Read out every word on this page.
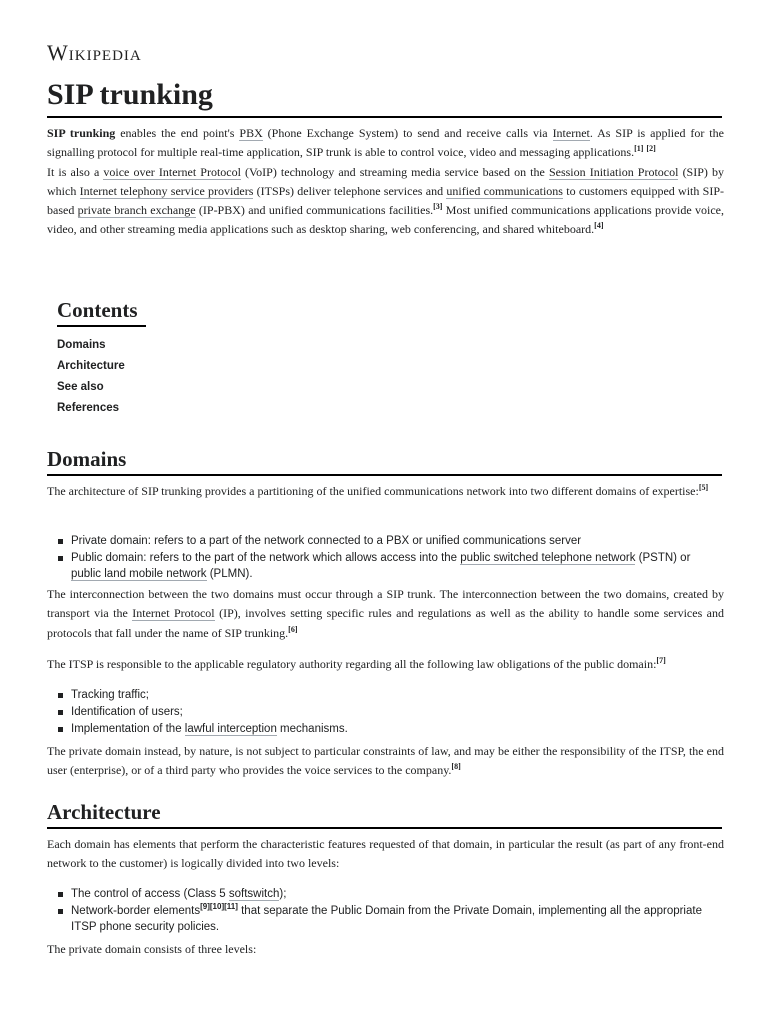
Wikipedia
SIP trunking
SIP trunking enables the end point's PBX (Phone Exchange System) to send and receive calls via Internet. As SIP is applied for the signalling protocol for multiple real-time application, SIP trunk is able to control voice, video and messaging applications.[1] [2]
It is also a voice over Internet Protocol (VoIP) technology and streaming media service based on the Session Initiation Protocol (SIP) by which Internet telephony service providers (ITSPs) deliver telephone services and unified communications to customers equipped with SIP-based private branch exchange (IP-PBX) and unified communications facilities.[3] Most unified communications applications provide voice, video, and other streaming media applications such as desktop sharing, web conferencing, and shared whiteboard.[4]
Contents
Domains
Architecture
See also
References
Domains
The architecture of SIP trunking provides a partitioning of the unified communications network into two different domains of expertise:[5]
Private domain: refers to a part of the network connected to a PBX or unified communications server
Public domain: refers to the part of the network which allows access into the public switched telephone network (PSTN) or public land mobile network (PLMN).
The interconnection between the two domains must occur through a SIP trunk. The interconnection between the two domains, created by transport via the Internet Protocol (IP), involves setting specific rules and regulations as well as the ability to handle some services and protocols that fall under the name of SIP trunking.[6]
The ITSP is responsible to the applicable regulatory authority regarding all the following law obligations of the public domain:[7]
Tracking traffic;
Identification of users;
Implementation of the lawful interception mechanisms.
The private domain instead, by nature, is not subject to particular constraints of law, and may be either the responsibility of the ITSP, the end user (enterprise), or of a third party who provides the voice services to the company.[8]
Architecture
Each domain has elements that perform the characteristic features requested of that domain, in particular the result (as part of any front-end network to the customer) is logically divided into two levels:
The control of access (Class 5 softswitch);
Network-border elements[9][10][11] that separate the Public Domain from the Private Domain, implementing all the appropriate ITSP phone security policies.
The private domain consists of three levels:
